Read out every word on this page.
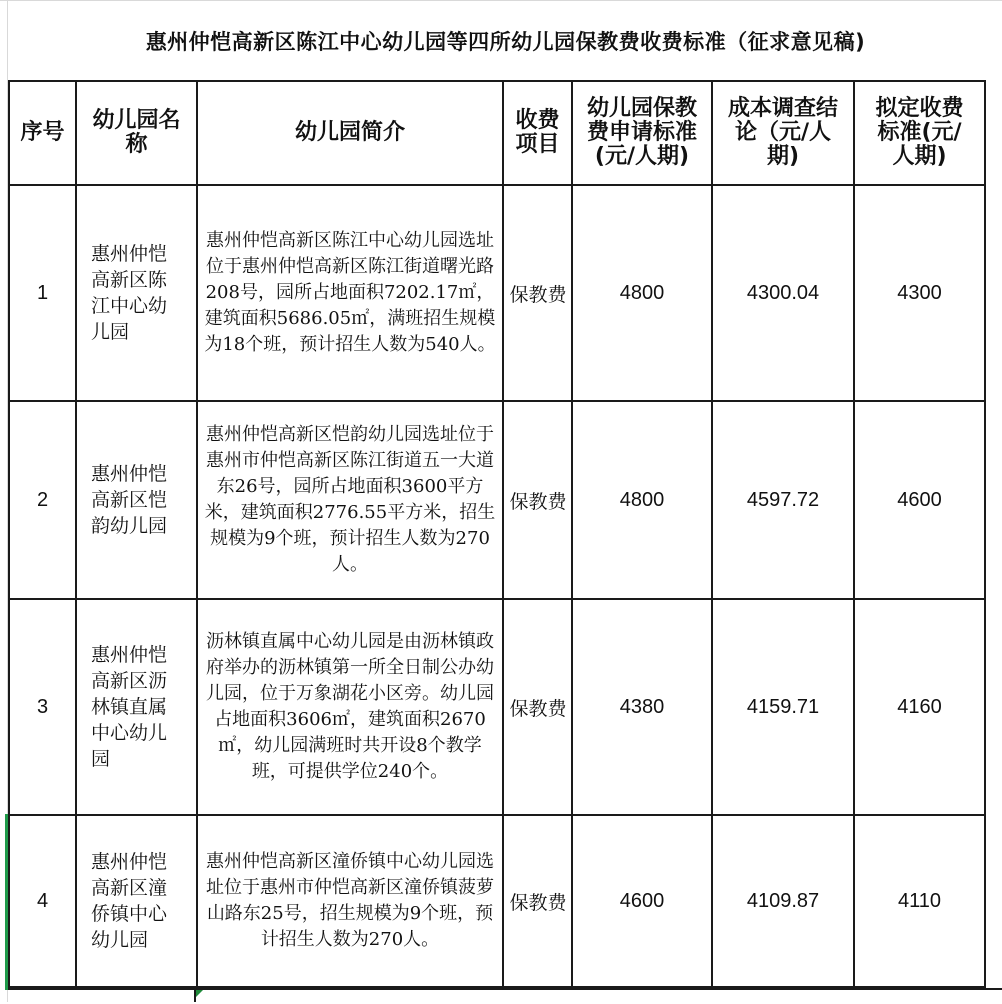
惠州仲恺高新区陈江中心幼儿园等四所幼儿园保教费收费标准（征求意见稿)
序号	幼儿园名称	幼儿园简介	收费项目	幼儿园保教费申请标准(元/人期)	成本调查结论（元/人期)	拟定收费标准(元/人期)

1	惠州仲恺高新区陈江中心幼儿园	惠州仲恺高新区陈江中心幼儿园选址位于惠州仲恺高新区陈江街道曙光路208号，园所占地面积7202.17㎡，建筑面积5686.05㎡，满班招生规模为18个班，预计招生人数为540人。	保教费	4800	4300.04	4300
2	惠州仲恺高新区恺韵幼儿园	惠州仲恺高新区恺韵幼儿园选址位于惠州市仲恺高新区陈江街道五一大道东26号，园所占地面积3600平方米，建筑面积2776.55平方米，招生规模为9个班，预计招生人数为270人。	保教费	4800	4597.72	4600
3	惠州仲恺高新区沥林镇直属中心幼儿园	沥林镇直属中心幼儿园是由沥林镇政府举办的沥林镇第一所全日制公办幼儿园，位于万象湖花小区旁。幼儿园占地面积3606㎡，建筑面积2670㎡，幼儿园满班时共开设8个教学班，可提供学位240个。	保教费	4380	4159.71	4160
4	惠州仲恺高新区潼侨镇中心幼儿园	惠州仲恺高新区潼侨镇中心幼儿园选址位于惠州市仲恺高新区潼侨镇菠萝山路东25号，招生规模为9个班，预计招生人数为270人。	保教费	4600	4109.87	4110
